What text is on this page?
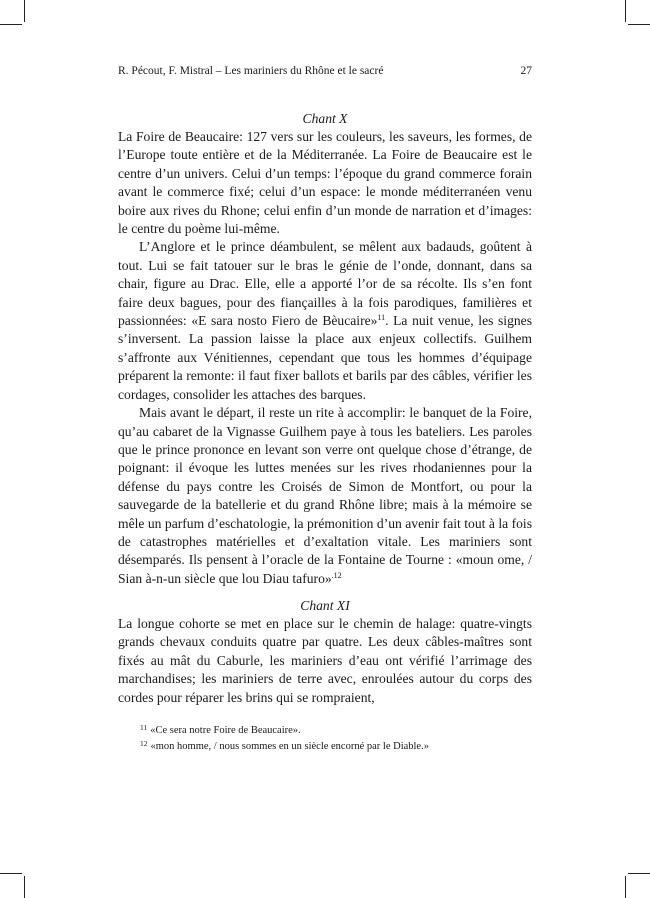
R. Pécout, F. Mistral – Les mariniers du Rhône et le sacré	27
Chant X

La Foire de Beaucaire: 127 vers sur les couleurs, les saveurs, les formes, de l’Europe toute entière et de la Méditerranée. La Foire de Beaucaire est le centre d’un univers. Celui d’un temps: l’époque du grand commerce forain avant le commerce fixé; celui d’un espace: le monde méditerranéen venu boire aux rives du Rhone; celui enfin d’un monde de narration et d’images: le centre du poème lui-même.

L’Anglore et le prince déambulent, se mêlent aux badauds, goûtent à tout. Lui se fait tatouer sur le bras le génie de l’onde, donnant, dans sa chair, figure au Drac. Elle, elle a apporté l’or de sa récolte. Ils s’en font faire deux bagues, pour des fiançailles à la fois parodiques, familières et passionnées: «E sara nosto Fiero de Bèucaire»$^{11}$. La nuit venue, les signes s’inversent. La passion laisse la place aux enjeux collectifs. Guilhem s’affronte aux Vénitiennes, cependant que tous les hommes d’équipage préparent la remonte: il faut fixer ballots et barils par des câbles, vérifier les cordages, consolider les attaches des barques.

Mais avant le départ, il reste un rite à accomplir: le banquet de la Foire, qu’au cabaret de la Vignasse Guilhem paye à tous les bateliers. Les paroles que le prince prononce en levant son verre ont quelque chose d’étrange, de poignant: il évoque les luttes menées sur les rives rhodaniennes pour la défense du pays contre les Croisés de Simon de Montfort, ou pour la sauvegarde de la batellerie et du grand Rhône libre; mais à la mémoire se mêle un parfum d’eschatologie, la prémonition d’un avenir fait tout à la fois de catastrophes matérielles et d’exaltation vitale. Les mariniers sont désemparés. Ils pensent à l’oracle de la Fontaine de Tourne : «moun ome, / Sian à-n-un siècle que lou Diau tafuro»$^{.12}$

Chant XI

La longue cohorte se met en place sur le chemin de halage: quatre-vingts grands chevaux conduits quatre par quatre. Les deux câbles-maîtres sont fixés au mât du Caburle, les mariniers d’eau ont vérifié l’arrimage des marchandises; les mariniers de terre avec, enroulées autour du corps des cordes pour réparer les brins qui se rompraient,

$^{11}$ «Ce sera notre Foire de Beaucaire».
$^{12}$ «mon homme, / nous sommes en un siècle encorné par le Diable.»
